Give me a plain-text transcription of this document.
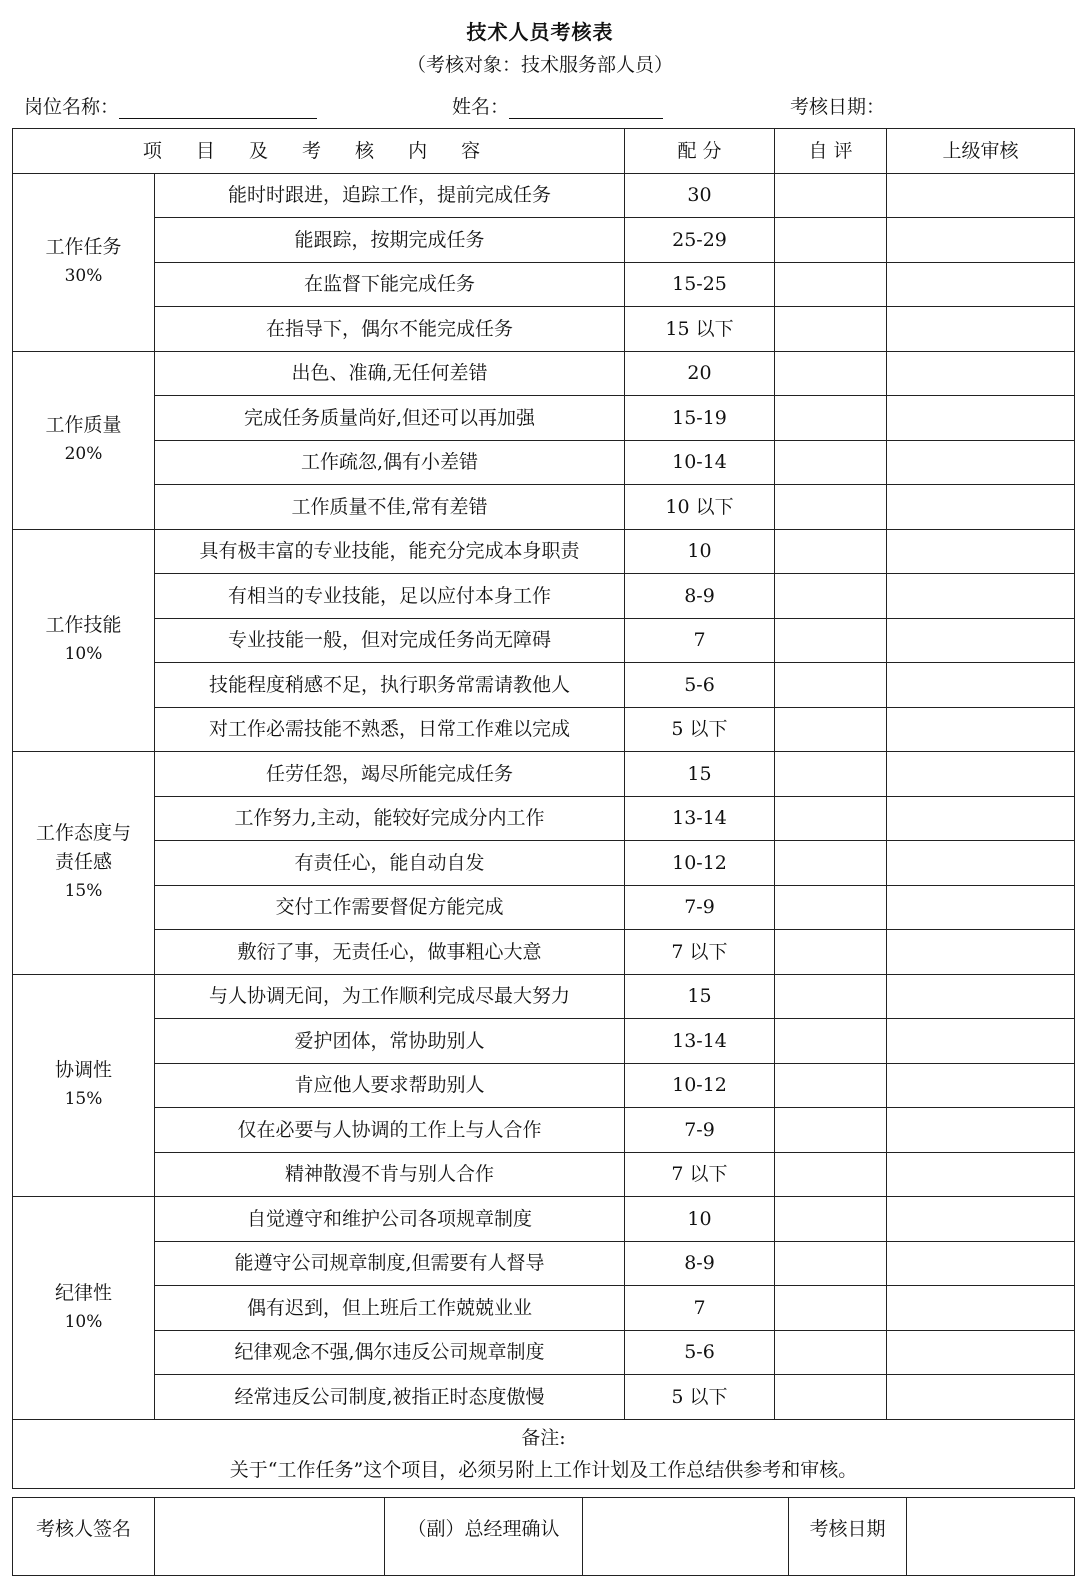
技术人员考核表
（考核对象：技术服务部人员）
岗位名称：	姓名：	考核日期：
项 目 及 考 核 内 容		配 分	自 评	上级审核

工作任务
30%	能时时跟进，追踪工作，提前完成任务	30		
	能跟踪，按期完成任务	25-29		
	在监督下能完成任务	15-25		
	在指导下，偶尔不能完成任务	15 以下		

工作质量
20%	出色、准确,无任何差错	20		
	完成任务质量尚好,但还可以再加强	15-19		
	工作疏忽,偶有小差错	10-14		
	工作质量不佳,常有差错	10 以下		

工作技能
10%	具有极丰富的专业技能，能充分完成本身职责	10		
	有相当的专业技能，足以应付本身工作	8-9		
	专业技能一般，但对完成任务尚无障碍	7		
	技能程度稍感不足，执行职务常需请教他人	5-6		
	对工作必需技能不熟悉，日常工作难以完成	5 以下		

工作态度与
责任感
15%	任劳任怨，竭尽所能完成任务	15		
	工作努力,主动，能较好完成分内工作	13-14		
	有责任心，能自动自发	10-12		
	交付工作需要督促方能完成	7-9		
	敷衍了事，无责任心，做事粗心大意	7 以下		

协调性
15%	与人协调无间，为工作顺利完成尽最大努力	15		
	爱护团体，常协助别人	13-14		
	肯应他人要求帮助别人	10-12		
	仅在必要与人协调的工作上与人合作	7-9		
	精神散漫不肯与别人合作	7 以下		

纪律性
10%	自觉遵守和维护公司各项规章制度	10		
	能遵守公司规章制度,但需要有人督导	8-9		
	偶有迟到，但上班后工作兢兢业业	7		
	纪律观念不强,偶尔违反公司规章制度	5-6		
	经常违反公司制度,被指正时态度傲慢	5 以下		

备注:
关于“工作任务”这个项目，必须另附上工作计划及工作总结供参考和审核。				
考核人签名		（副）总经理确认		考核日期	
